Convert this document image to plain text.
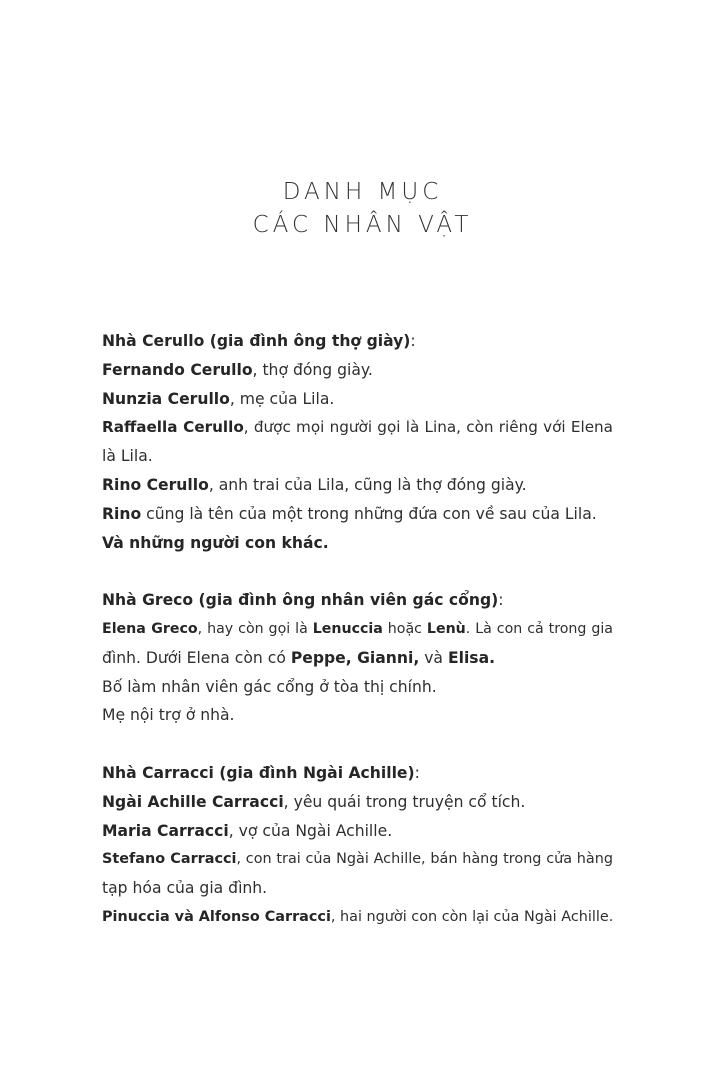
DANH MỤC
CÁC NHÂN VẬT
Nhà Cerullo (gia đình ông thợ giày):
Fernando Cerullo, thợ đóng giày.
Nunzia Cerullo, mẹ của Lila.
Raffaella Cerullo, được mọi người gọi là Lina, còn riêng với Elena
là Lila.
Rino Cerullo, anh trai của Lila, cũng là thợ đóng giày.
Rino cũng là tên của một trong những đứa con về sau của Lila.
Và những người con khác.
Nhà Greco (gia đình ông nhân viên gác cổng):
Elena Greco, hay còn gọi là Lenuccia hoặc Lenù. Là con cả trong gia
đình. Dưới Elena còn có Peppe, Gianni, và Elisa.
Bố làm nhân viên gác cổng ở tòa thị chính.
Mẹ nội trợ ở nhà.
Nhà Carracci (gia đình Ngài Achille):
Ngài Achille Carracci, yêu quái trong truyện cổ tích.
Maria Carracci, vợ của Ngài Achille.
Stefano Carracci, con trai của Ngài Achille, bán hàng trong cửa hàng
tạp hóa của gia đình.
Pinuccia và Alfonso Carracci, hai người con còn lại của Ngài Achille.
